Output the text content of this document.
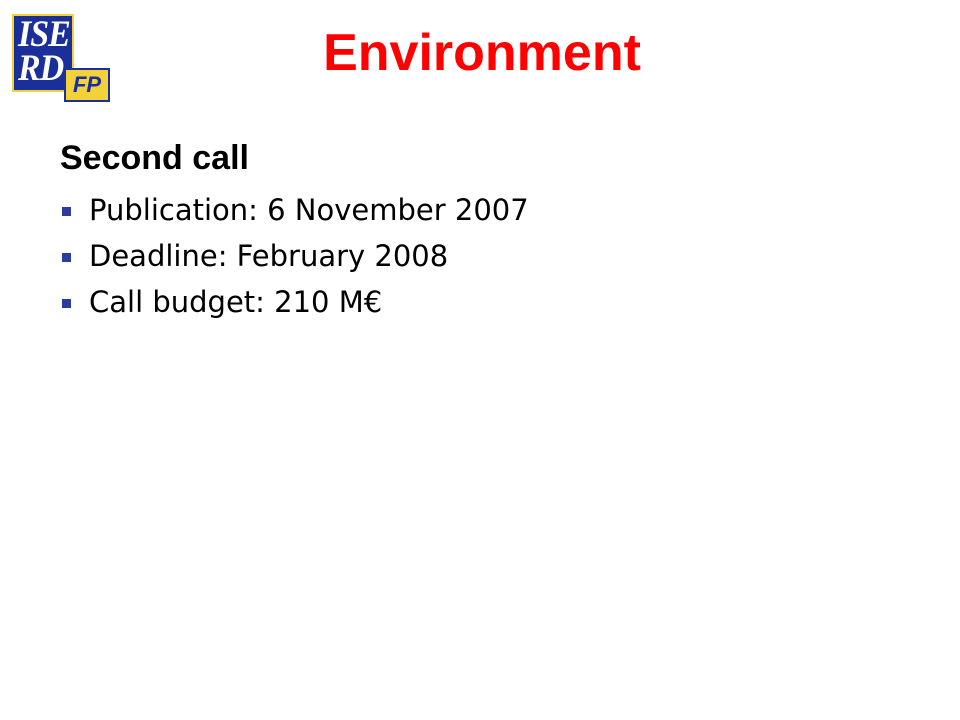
ISE
RD FP
Environment
Second call
Publication: 6 November 2007
Deadline: February 2008
Call budget: 210 M€
